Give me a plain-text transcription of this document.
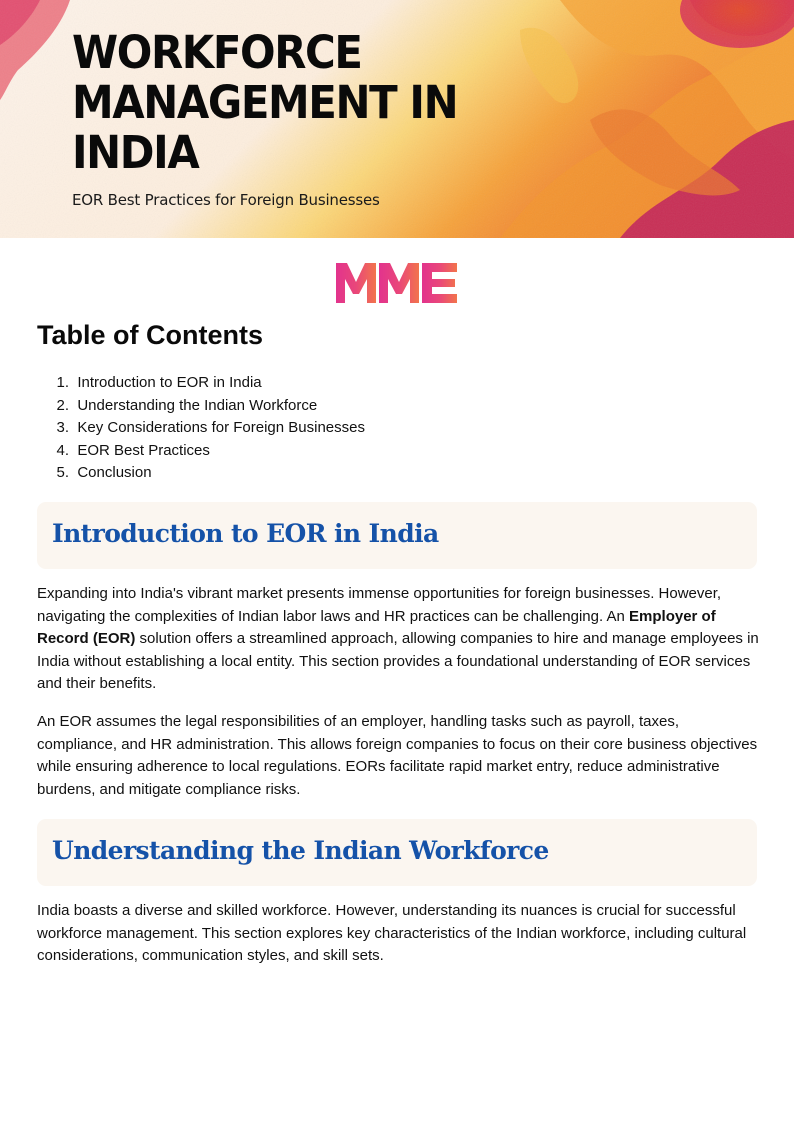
WORKFORCE
MANAGEMENT IN
INDIA

EOR Best Practices for Foreign Businesses

Table of Contents
1.
Introduction to EOR in India
2.
Understanding the Indian Workforce
3.
Key Considerations for Foreign Businesses
4.
EOR Best Practices
5.
Conclusion
Introduction to EOR in India

Expanding into India's vibrant market presents immense opportunities for foreign businesses. However, navigating the complexities of Indian labor laws and HR practices can be challenging. An Employer of Record (EOR) solution offers a streamlined approach, allowing companies to hire and manage employees in India without establishing a local entity. This section provides a foundational understanding of EOR services and their benefits.

An EOR assumes the legal responsibilities of an employer, handling tasks such as payroll, taxes, compliance, and HR administration. This allows foreign companies to focus on their core business objectives while ensuring adherence to local regulations. EORs facilitate rapid market entry, reduce administrative burdens, and mitigate compliance risks.

Understanding the Indian Workforce

India boasts a diverse and skilled workforce. However, understanding its nuances is crucial for successful workforce management. This section explores key characteristics of the Indian workforce, including cultural considerations, communication styles, and skill sets.
